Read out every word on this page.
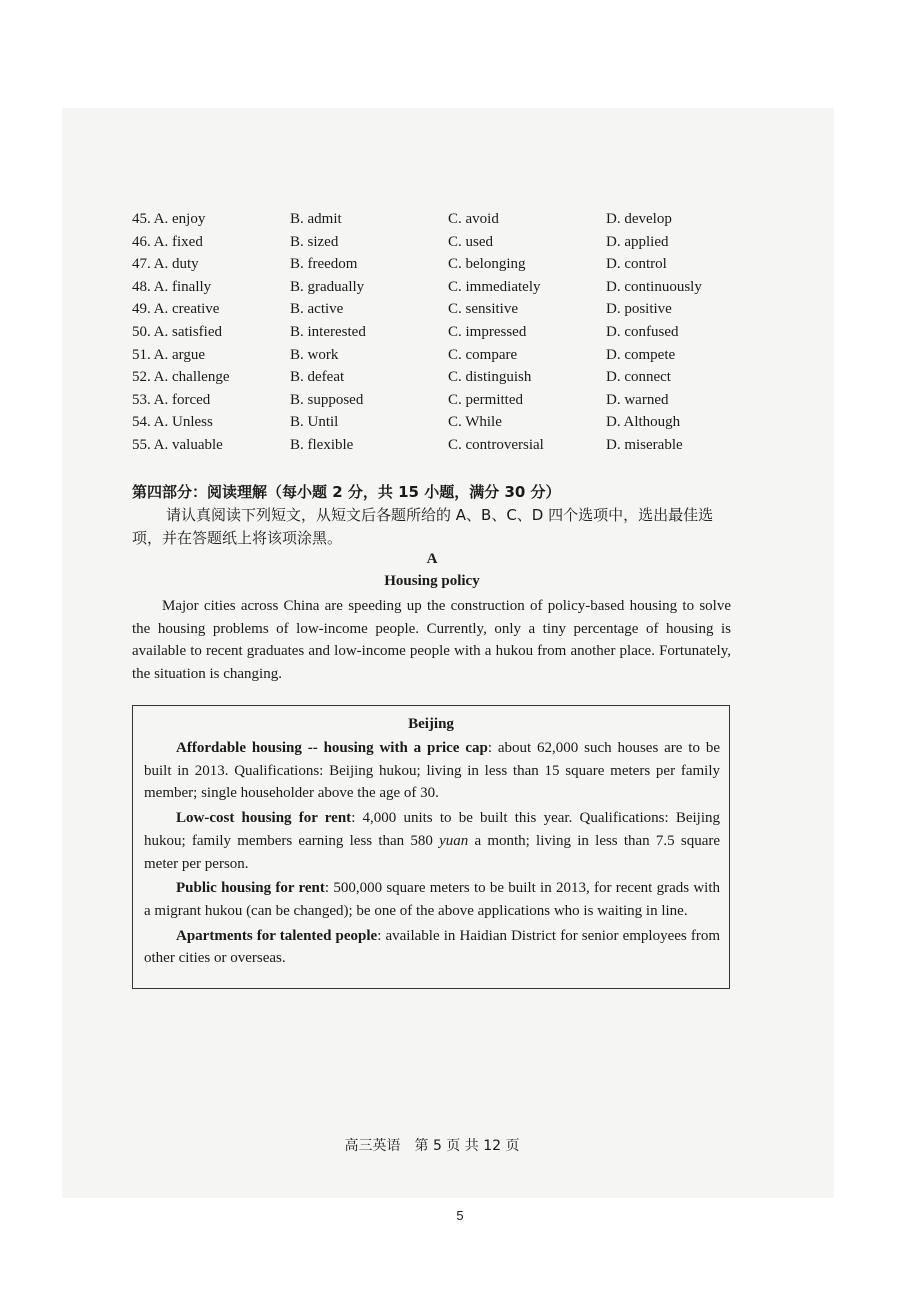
45. A. enjoy	B. admit	C. avoid	D. develop
46. A. fixed	B. sized	C. used	D. applied
47. A. duty	B. freedom	C. belonging	D. control
48. A. finally	B. gradually	C. immediately	D. continuously
49. A. creative	B. active	C. sensitive	D. positive
50. A. satisfied	B. interested	C. impressed	D. confused
51. A. argue	B. work	C. compare	D. compete
52. A. challenge	B. defeat	C. distinguish	D. connect
53. A. forced	B. supposed	C. permitted	D. warned
54. A. Unless	B. Until	C. While	D. Although
55. A. valuable	B. flexible	C. controversial	D. miserable
第四部分：阅读理解（每小题 2 分，共 15 小题，满分 30 分）
请认真阅读下列短文，从短文后各题所给的 A、B、C、D 四个选项中，选出最佳选项，并在答题纸上将该项涂黑。
A
Housing policy
Major cities across China are speeding up the construction of policy-based housing to solve the housing problems of low-income people. Currently, only a tiny percentage of housing is available to recent graduates and low-income people with a hukou from another place. Fortunately, the situation is changing.
Beijing

Affordable housing -- housing with a price cap: about 62,000 such houses are to be built in 2013. Qualifications: Beijing hukou; living in less than 15 square meters per family member; single householder above the age of 30.

Low-cost housing for rent: 4,000 units to be built this year. Qualifications: Beijing hukou; family members earning less than 580 yuan a month; living in less than 7.5 square meter per person.

Public housing for rent: 500,000 square meters to be built in 2013, for recent grads with a migrant hukou (can be changed); be one of the above applications who is waiting in line.

Apartments for talented people: available in Haidian District for senior employees from other cities or overseas.

高三英语　第 5 页 共 12 页
5
